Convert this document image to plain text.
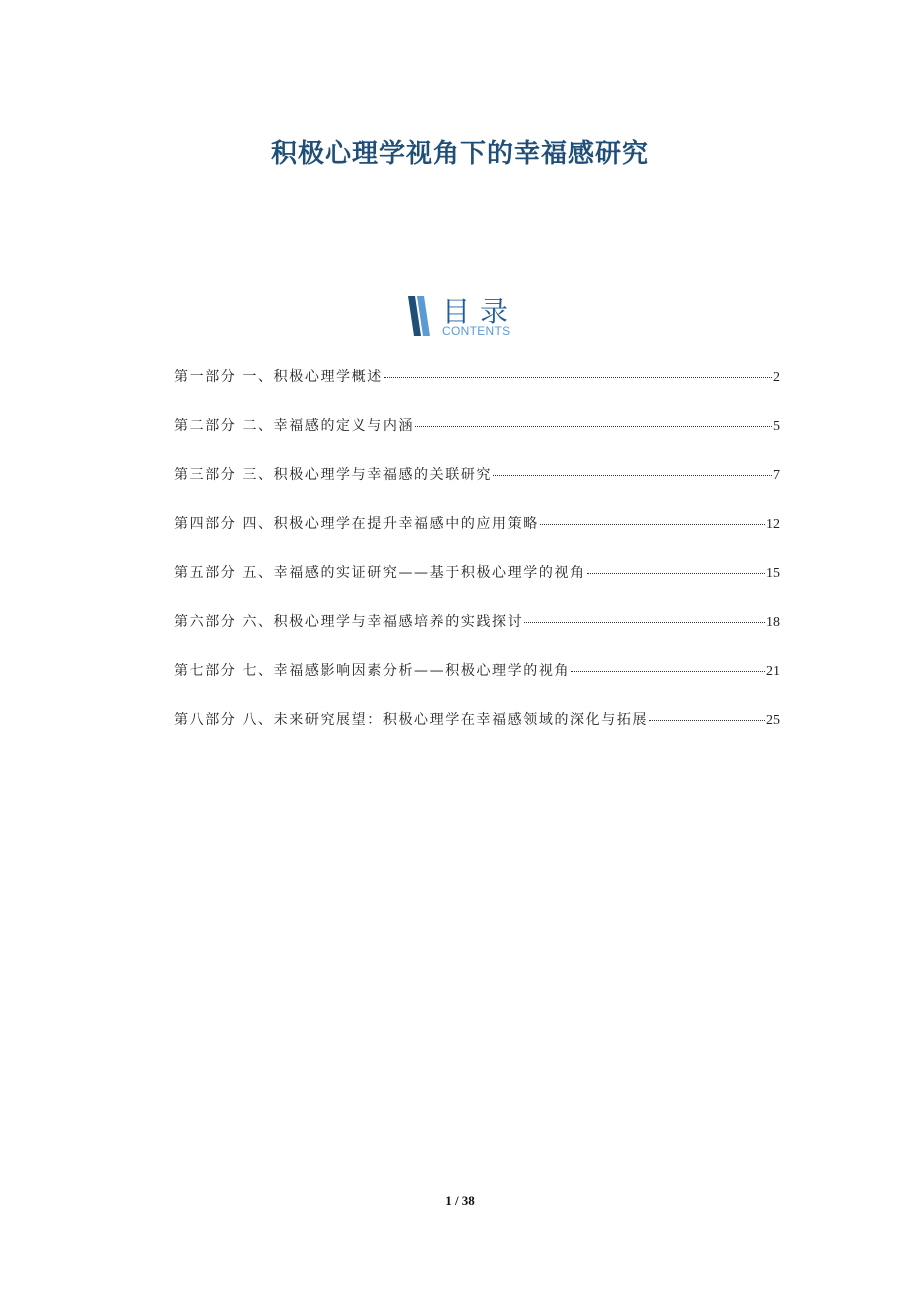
积极心理学视角下的幸福感研究
目录
CONTENTS
第一部分 一、积极心理学概述	2
第二部分 二、幸福感的定义与内涵	5
第三部分 三、积极心理学与幸福感的关联研究	7
第四部分 四、积极心理学在提升幸福感中的应用策略	12
第五部分 五、幸福感的实证研究——基于积极心理学的视角	15
第六部分 六、积极心理学与幸福感培养的实践探讨	18
第七部分 七、幸福感影响因素分析——积极心理学的视角	21
第八部分 八、未来研究展望：积极心理学在幸福感领域的深化与拓展	25
1 / 38
